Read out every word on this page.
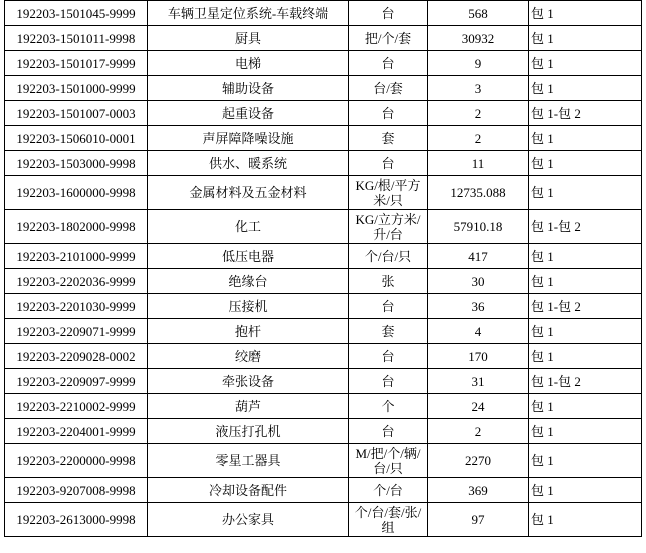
192203-1501045-9999	车辆卫星定位系统-车载终端	台	568	包 1
192203-1501011-9998	厨具	把/个/套	30932	包 1
192203-1501017-9999	电梯	台	9	包 1
192203-1501000-9999	辅助设备	台/套	3	包 1
192203-1501007-0003	起重设备	台	2	包 1-包 2
192203-1506010-0001	声屏障降噪设施	套	2	包 1
192203-1503000-9998	供水、暖系统	台	11	包 1
192203-1600000-9998	金属材料及五金材料	KG/根/平方米/只	12735.088	包 1
192203-1802000-9998	化工	KG/立方米/升/台	57910.18	包 1-包 2
192203-2101000-9999	低压电器	个/台/只	417	包 1
192203-2202036-9999	绝缘台	张	30	包 1
192203-2201030-9999	压接机	台	36	包 1-包 2
192203-2209071-9999	抱杆	套	4	包 1
192203-2209028-0002	绞磨	台	170	包 1
192203-2209097-9999	牵张设备	台	31	包 1-包 2
192203-2210002-9999	葫芦	个	24	包 1
192203-2204001-9999	液压打孔机	台	2	包 1
192203-2200000-9998	零星工器具	M/把/个/辆/台/只	2270	包 1
192203-9207008-9998	冷却设备配件	个/台	369	包 1
192203-2613000-9998	办公家具	个/台/套/张/组	97	包 1
